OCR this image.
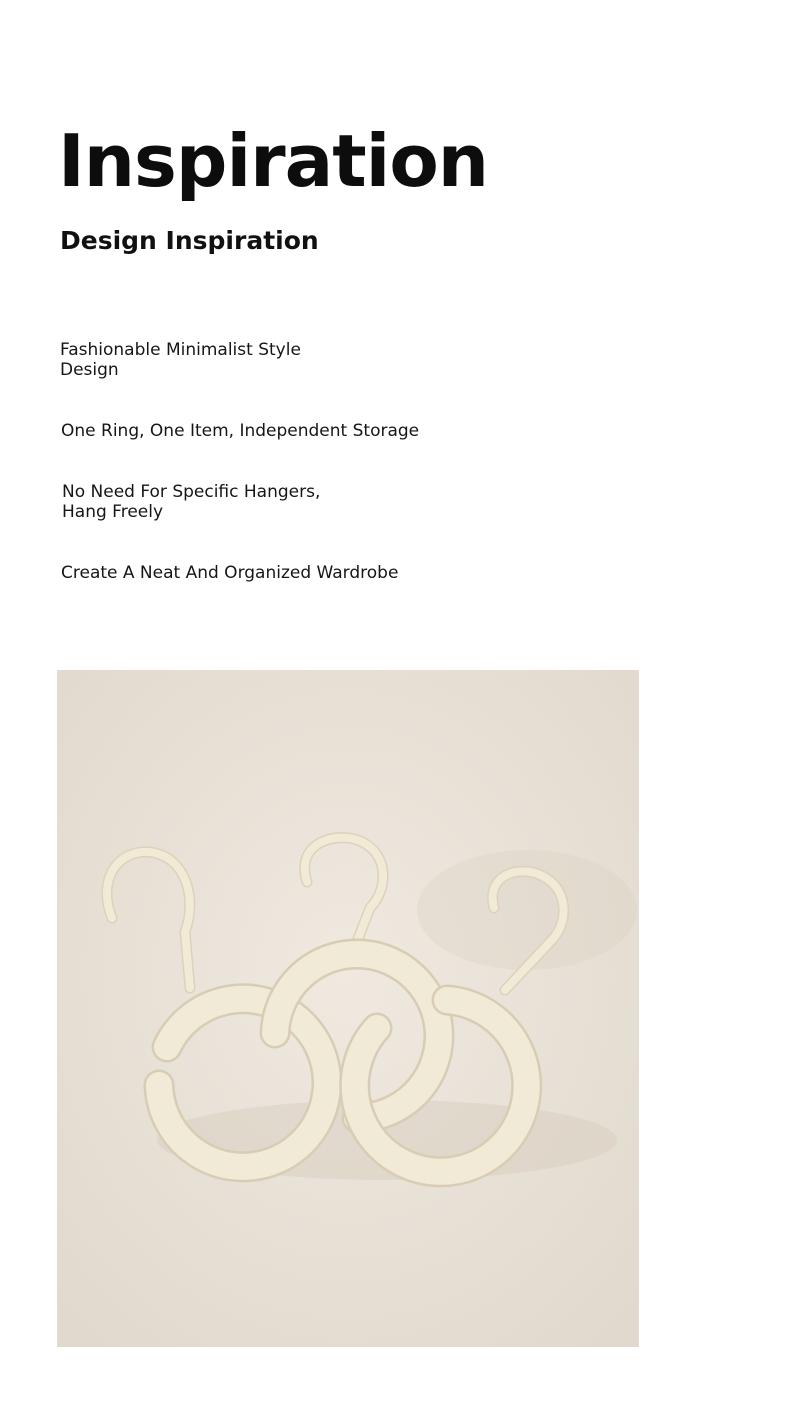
Inspiration
Design Inspiration

Fashionable Minimalist Style Design

One Ring, One Item, Independent Storage

No Need For Specific Hangers, Hang Freely

Create A Neat And Organized Wardrobe
